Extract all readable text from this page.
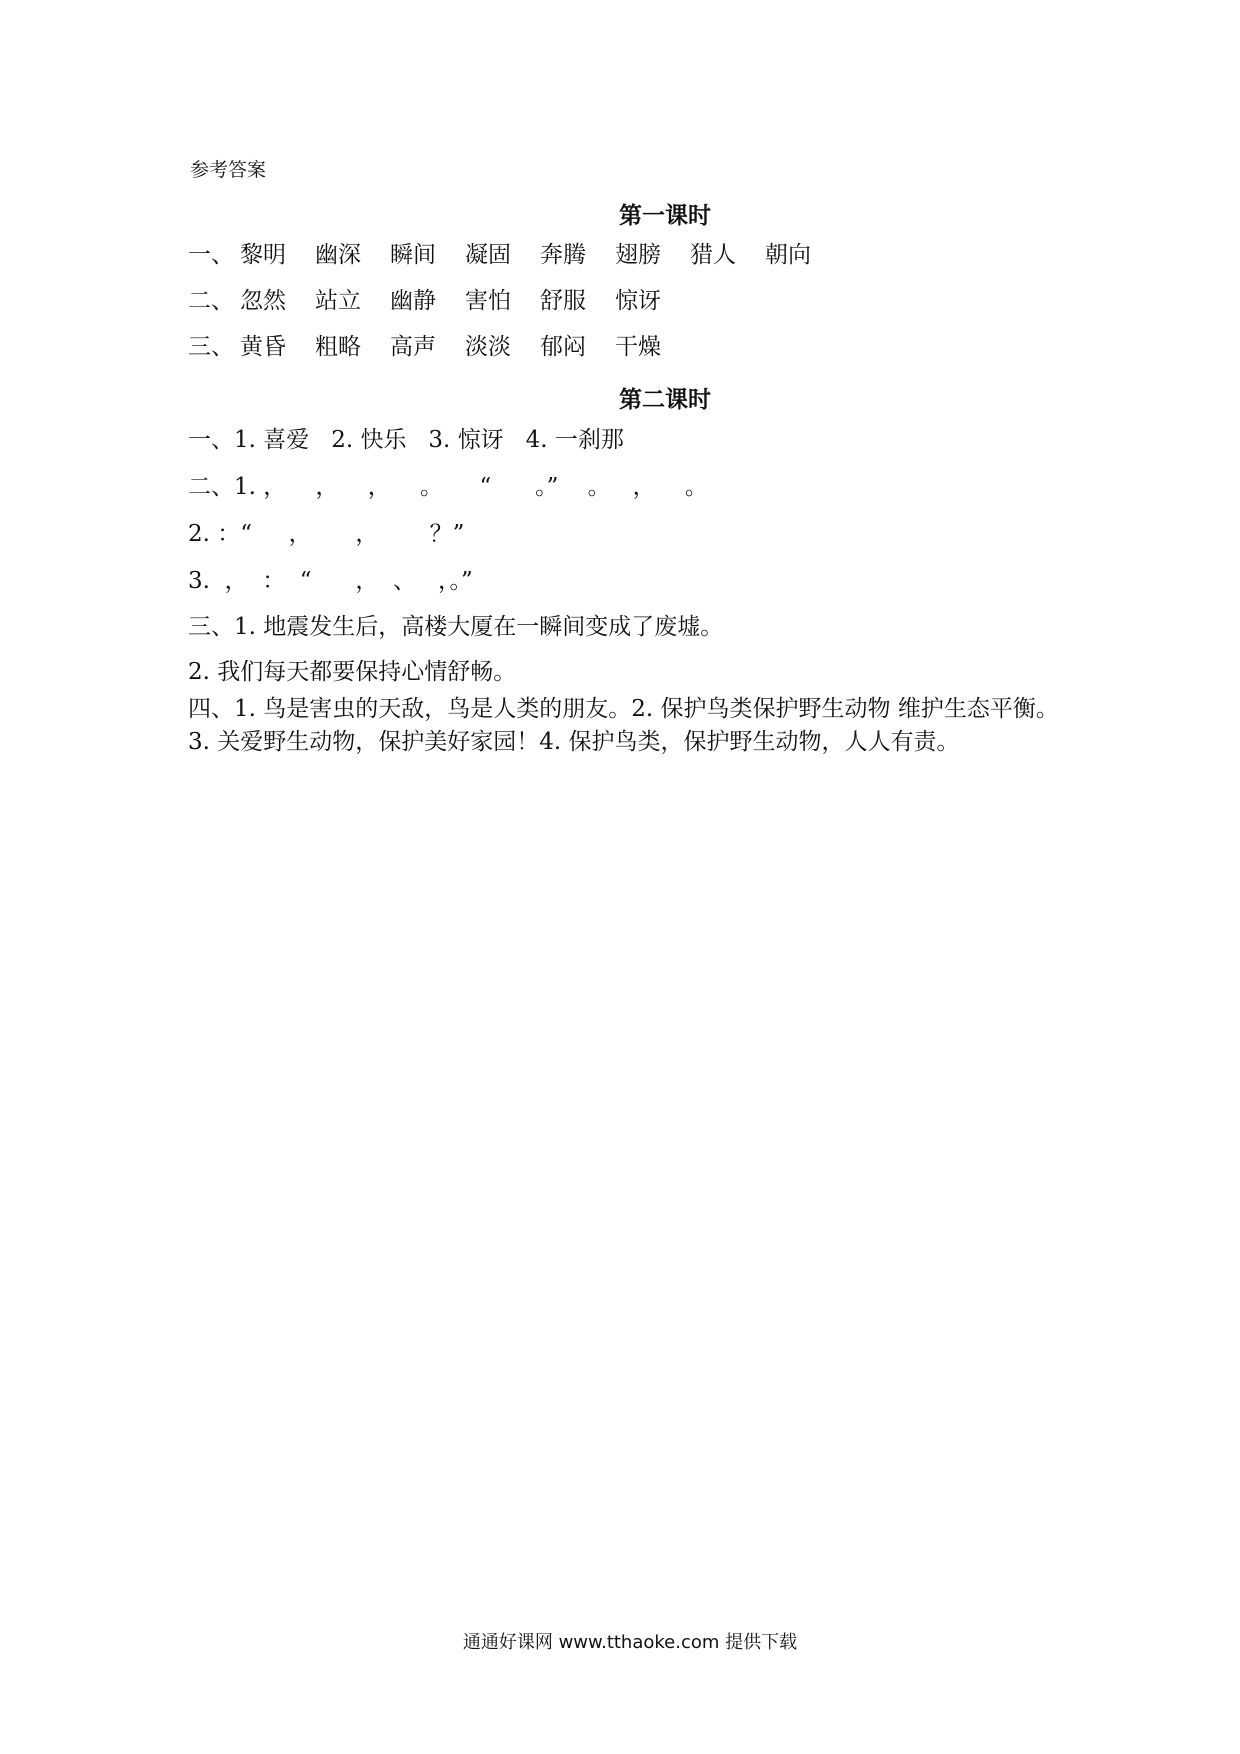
参考答案
第一课时
一、 黎明	幽深	瞬间	凝固	奔腾	翅膀	猎人	朝向
二、 忽然	站立	幽静	害怕	舒服	惊讶
三、 黄昏	粗略	高声	淡淡	郁闷	干燥
第二课时
一、1. 喜爱   2. 快乐   3. 惊讶   4. 一刹那
二、1. ，    ，    ，    。     “      。”    。   ，    。
2. ：“     ，      ，       ？”
3.  ，  ：  “      ，  、   ，。”
三、1. 地震发生后，高楼大厦在一瞬间变成了废墟。
2. 我们每天都要保持心情舒畅。
四、1. 鸟是害虫的天敌，鸟是人类的朋友。2. 保护鸟类保护野生动物 维护生态平衡。3. 关爱野生动物，保护美好家园！4. 保护鸟类，保护野生动物，人人有责。
通通好课网 www.tthaoke.com 提供下载
